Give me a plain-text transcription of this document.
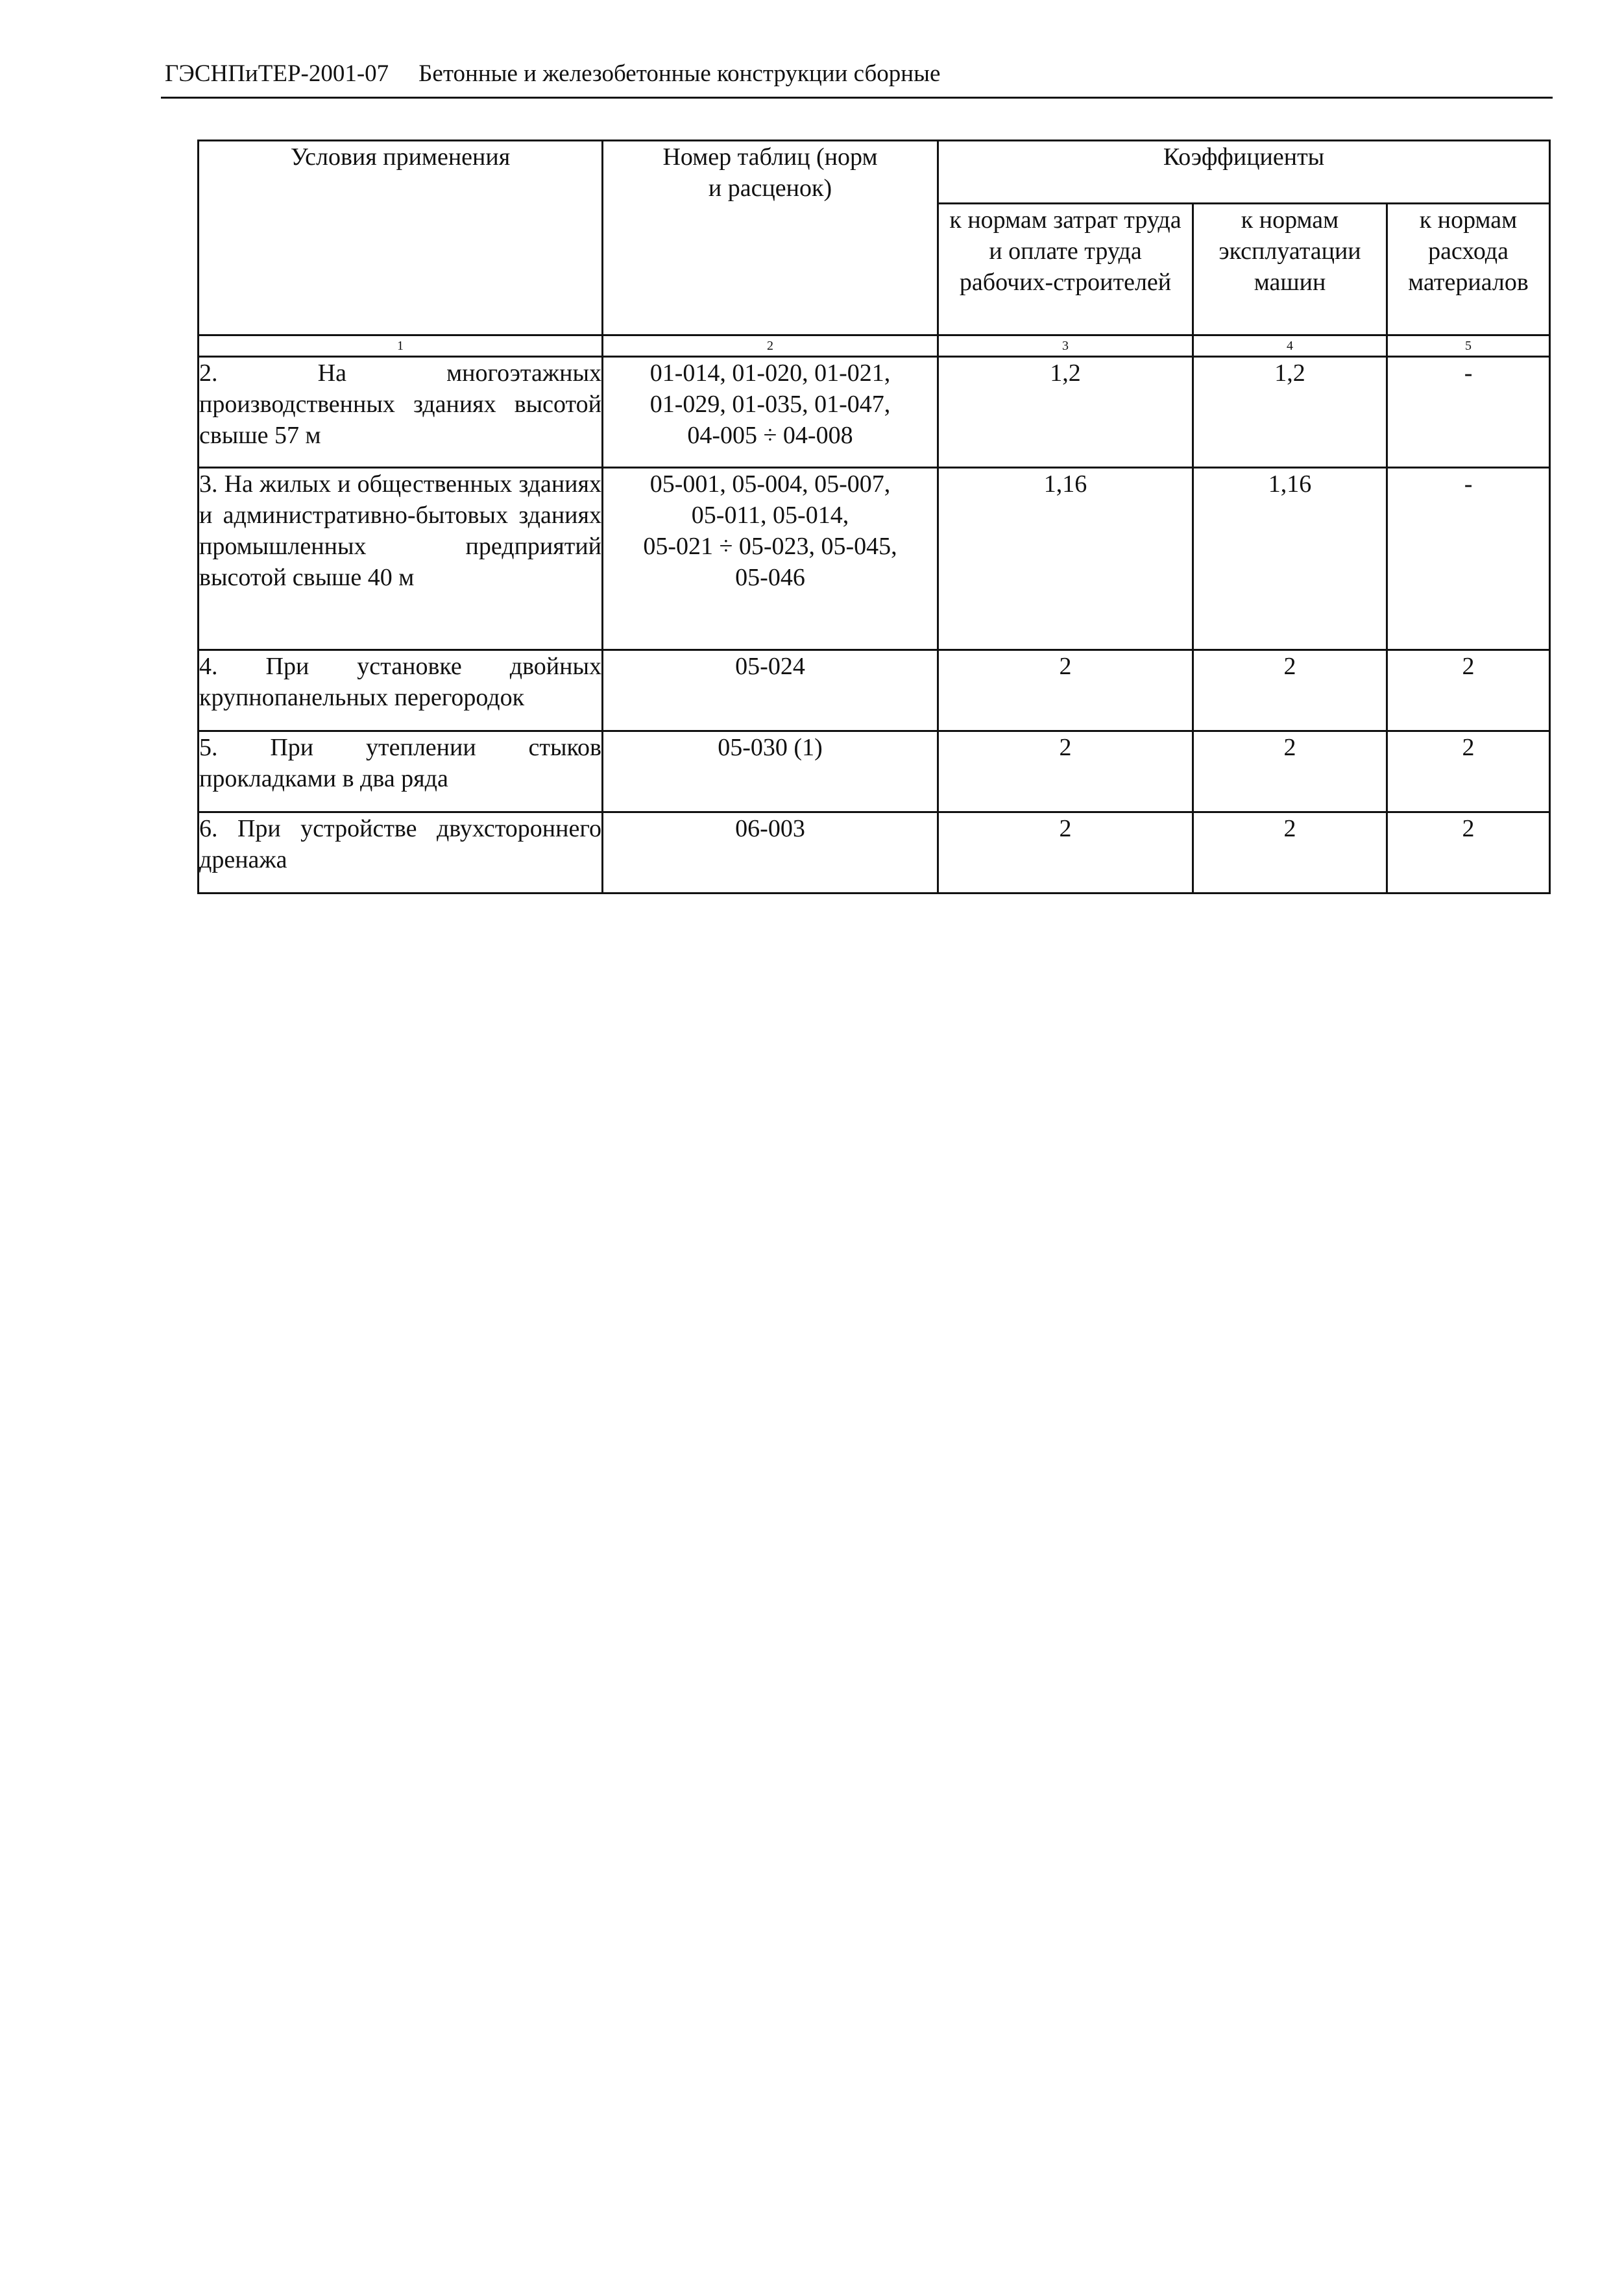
ГЭСНПиТЕР-2001-07 Бетонные и железобетонные конструкции сборные
Условия применения	Номер таблиц (норм и расценок)	Коэффициенты		

		к нормам затрат труда и оплате труда рабочих-строителей	к нормам эксплуатации машин	к нормам расхода материалов
1	2	3	4	5
2. На многоэтажных производственных зданиях высотой свыше 57 м	01-014, 01-020, 01-021,
01-029, 01-035, 01-047,
04-005 ÷ 04-008	1,2	1,2	-
3. На жилых и общественных зданиях и административно-бытовых зданиях промышленных предприятий высотой свыше 40 м	05-001, 05-004, 05-007,
05-011, 05-014,
05-021 ÷ 05-023, 05-045,
05-046	1,16	1,16	-
4. При установке двойных крупнопанельных перегородок	05-024	2	2	2
5. При утеплении стыков прокладками в два ряда	05-030 (1)	2	2	2
6. При устройстве двухстороннего дренажа	06-003	2	2	2
